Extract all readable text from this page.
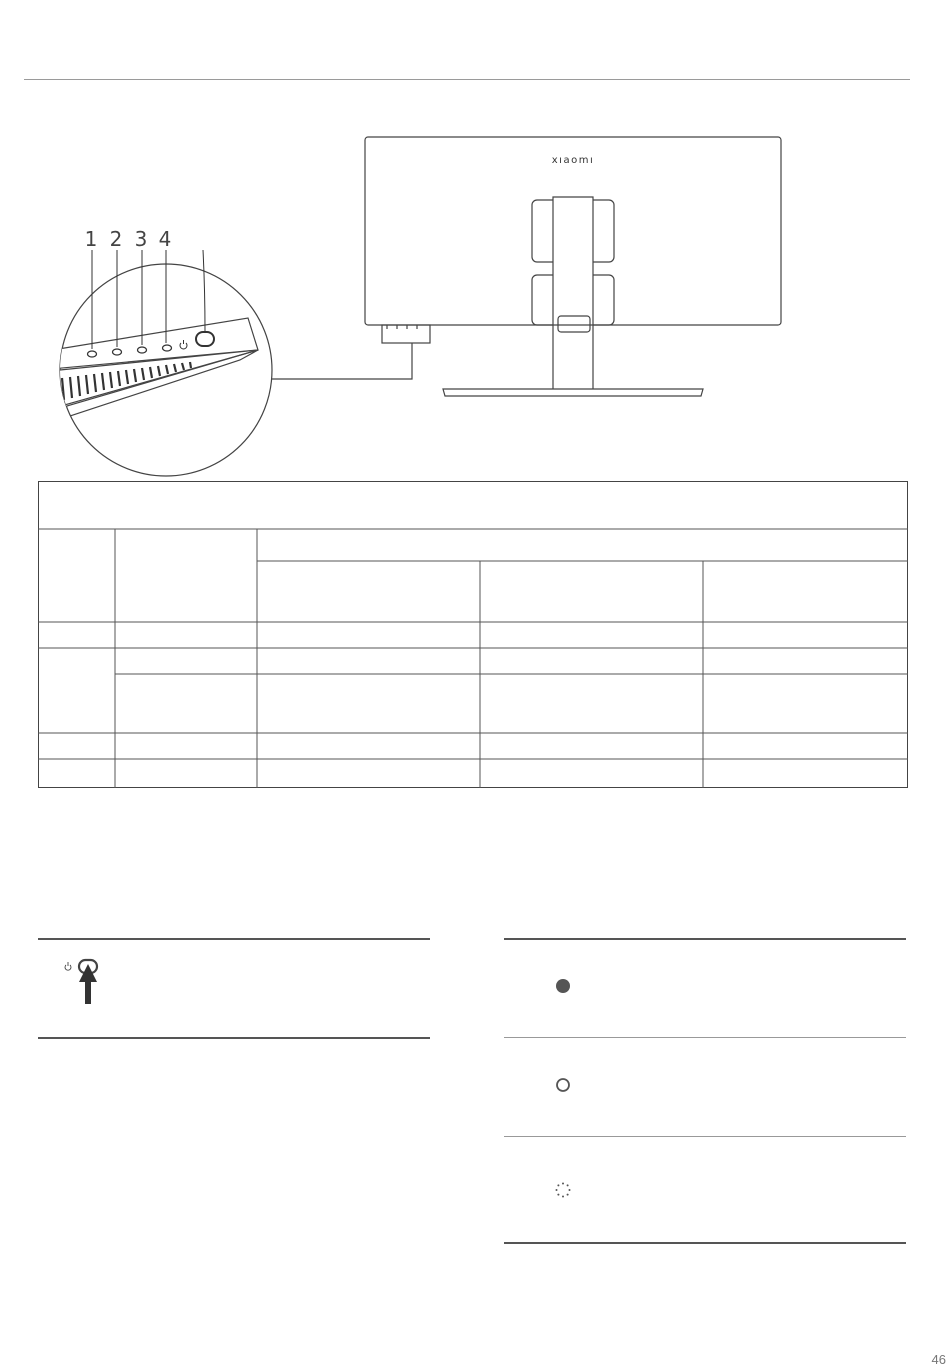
xıaomı
1 2 3 4
46
